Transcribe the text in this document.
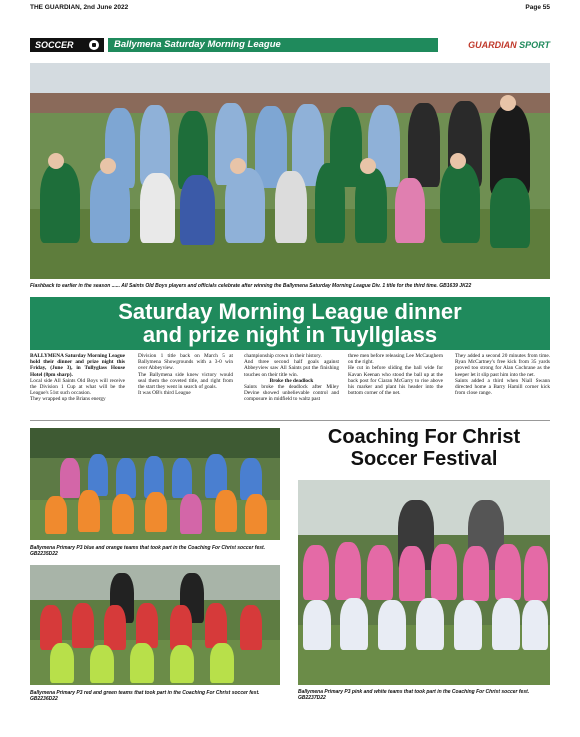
THE GUARDIAN, 2nd June 2022	Page 55
SOCCER	Ballymena Saturday Morning League	GUARDIAN SPORT
Flashback to earlier in the season ...... All Saints Old Boys players and officials celebrate after winning the Ballymena Saturday Morning League Div. 1 title for the third time. GB1639 JK22
Saturday Morning League dinner
and prize night in Tuyllglass

BALLYMENA Saturday Morning League hold their dinner and prize night this Friday, (June 3), in Tullyglass House Hotel (8pm sharp).

Local side All Saints Old Boys will receive the Division 1 Cup at what will be the League's 51st such occasion.

They wrapped up the Brians energy

Division 1 title back on March 5 at Ballymena Showgrounds with a 3-0 win over Abbeyview.

The Ballymena side knew victory would seal them the coveted title, and right from the start they went in search of goals.

It was OB's third League

championship crown in their history.

And three second half goals against Abbeyview saw All Saints put the finishing touches on their title win.

Broke the deadlock

Saints broke the deadlock after Miley Devine showed unbelievable control and composure in midfield to waltz past

three men before releasing Lee McCaughern on the right.

He cut in before sliding the ball wide for Kavan Keenan who stood the ball up at the back post for Ciaran McGarry to rise above his marker and plant his header into the bottom corner of the net.

They added a second 20 minutes from time. Ryan McCartney's free kick from 35 yards proved too strong for Alan Cochrane as the keeper let it slip past him into the net.

Saints added a third when Niall Swann directed home a Barry Hamill corner kick from close range.

Ballymena Primary P3 blue and orange teams that took part in the Coaching For Christ soccer fest. GB2235D22
Ballymena Primary P3 red and green teams that took part in the Coaching For Christ soccer fest. GB2236D22
Coaching For Christ
Soccer Festival
Ballymena Primary P3 pink and white teams that took part in the Coaching For Christ soccer fest. GB2237D22
